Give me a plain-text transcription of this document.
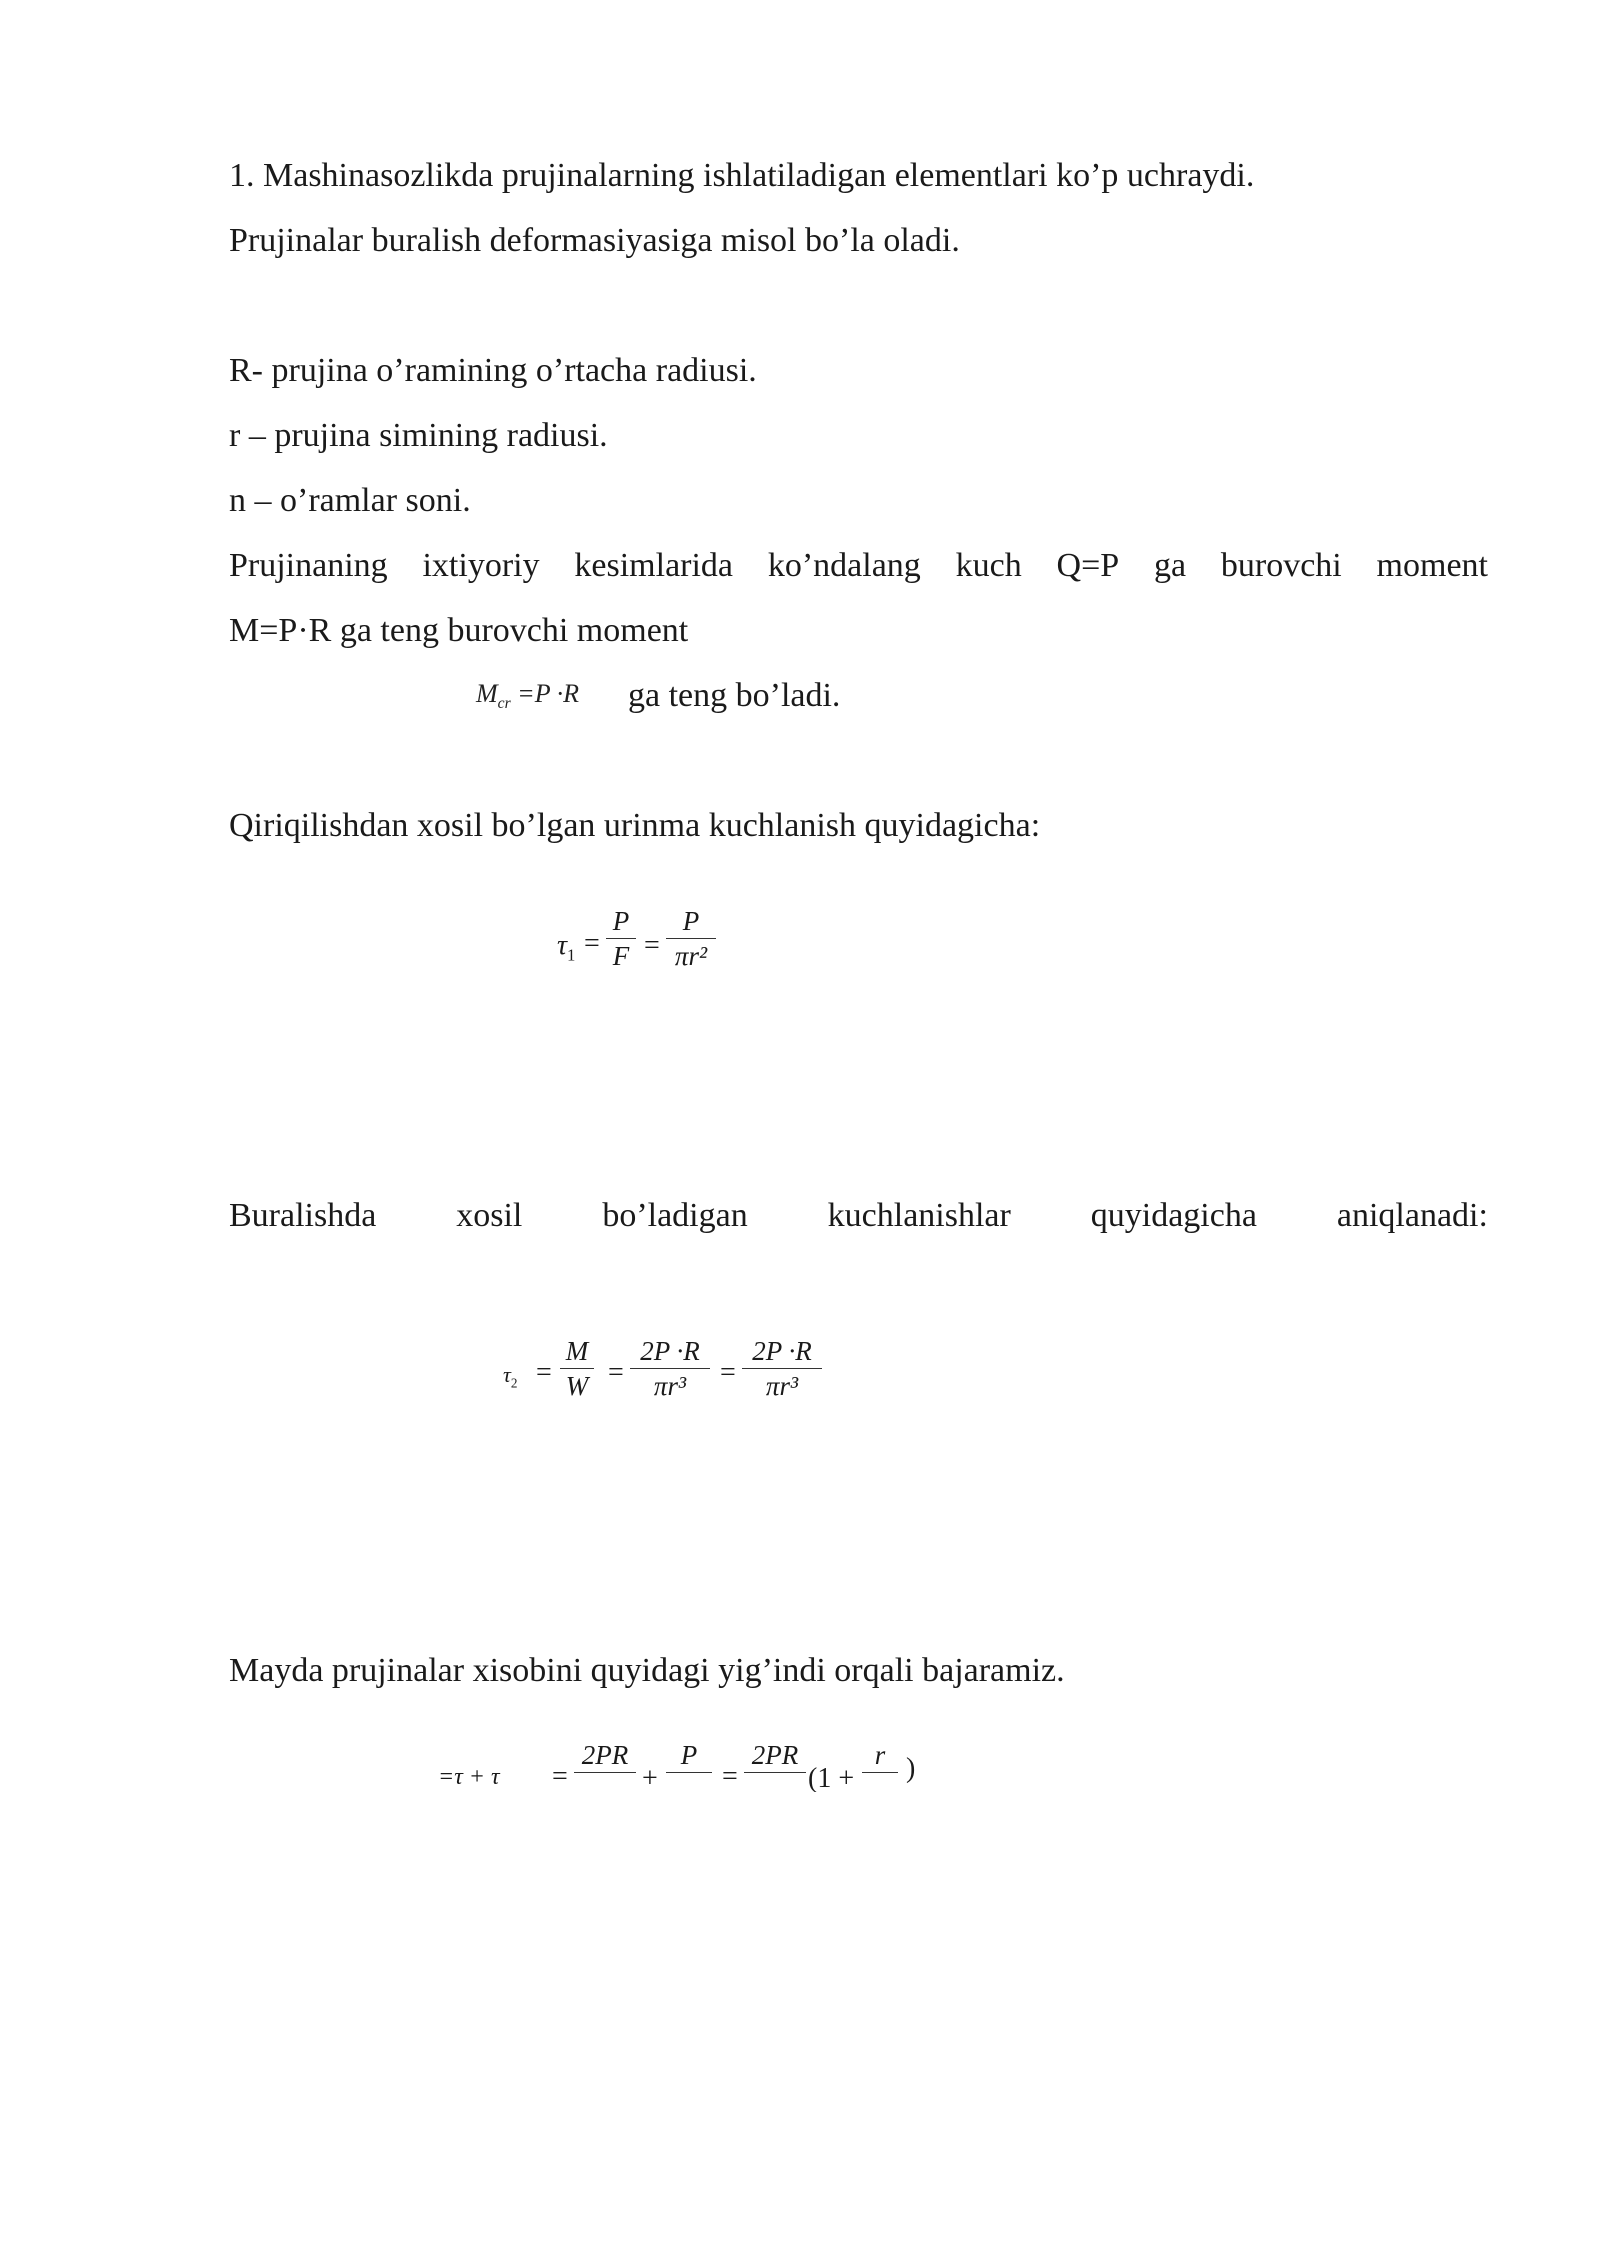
1. Mashinasozlikda prujinalarning ishlatiladigan elementlari ko’p uchraydi.
Prujinalar buralish deformasiyasiga misol bo’la oladi.
R- prujina o’ramining o’rtacha radiusi.
r – prujina simining radiusi.
n – o’ramlar soni.
Prujinaning ixtiyoriy kesimlarida ko’ndalang kuch Q=P ga burovchi moment
M=P·R ga teng burovchi moment
$M_{cr} =P \cdot R$ ga teng bo’ladi.
Qiriqilishdan xosil bo’lgan urinma kuchlanish quyidagicha:
$\tau_1$ =
P
F =
P
πr²
Buralishda xosil bo’ladigan kuchlanishlar quyidagicha aniqlanadi:
$\tau_2$ =
M
W =
2P ·R
πr³ =
2P ·R
πr³
Mayda prujinalar xisobini quyidagi yig’indi orqali bajaramiz.
=τ + τ =
2PR
+
P
=
2PR
(1 +
r )
